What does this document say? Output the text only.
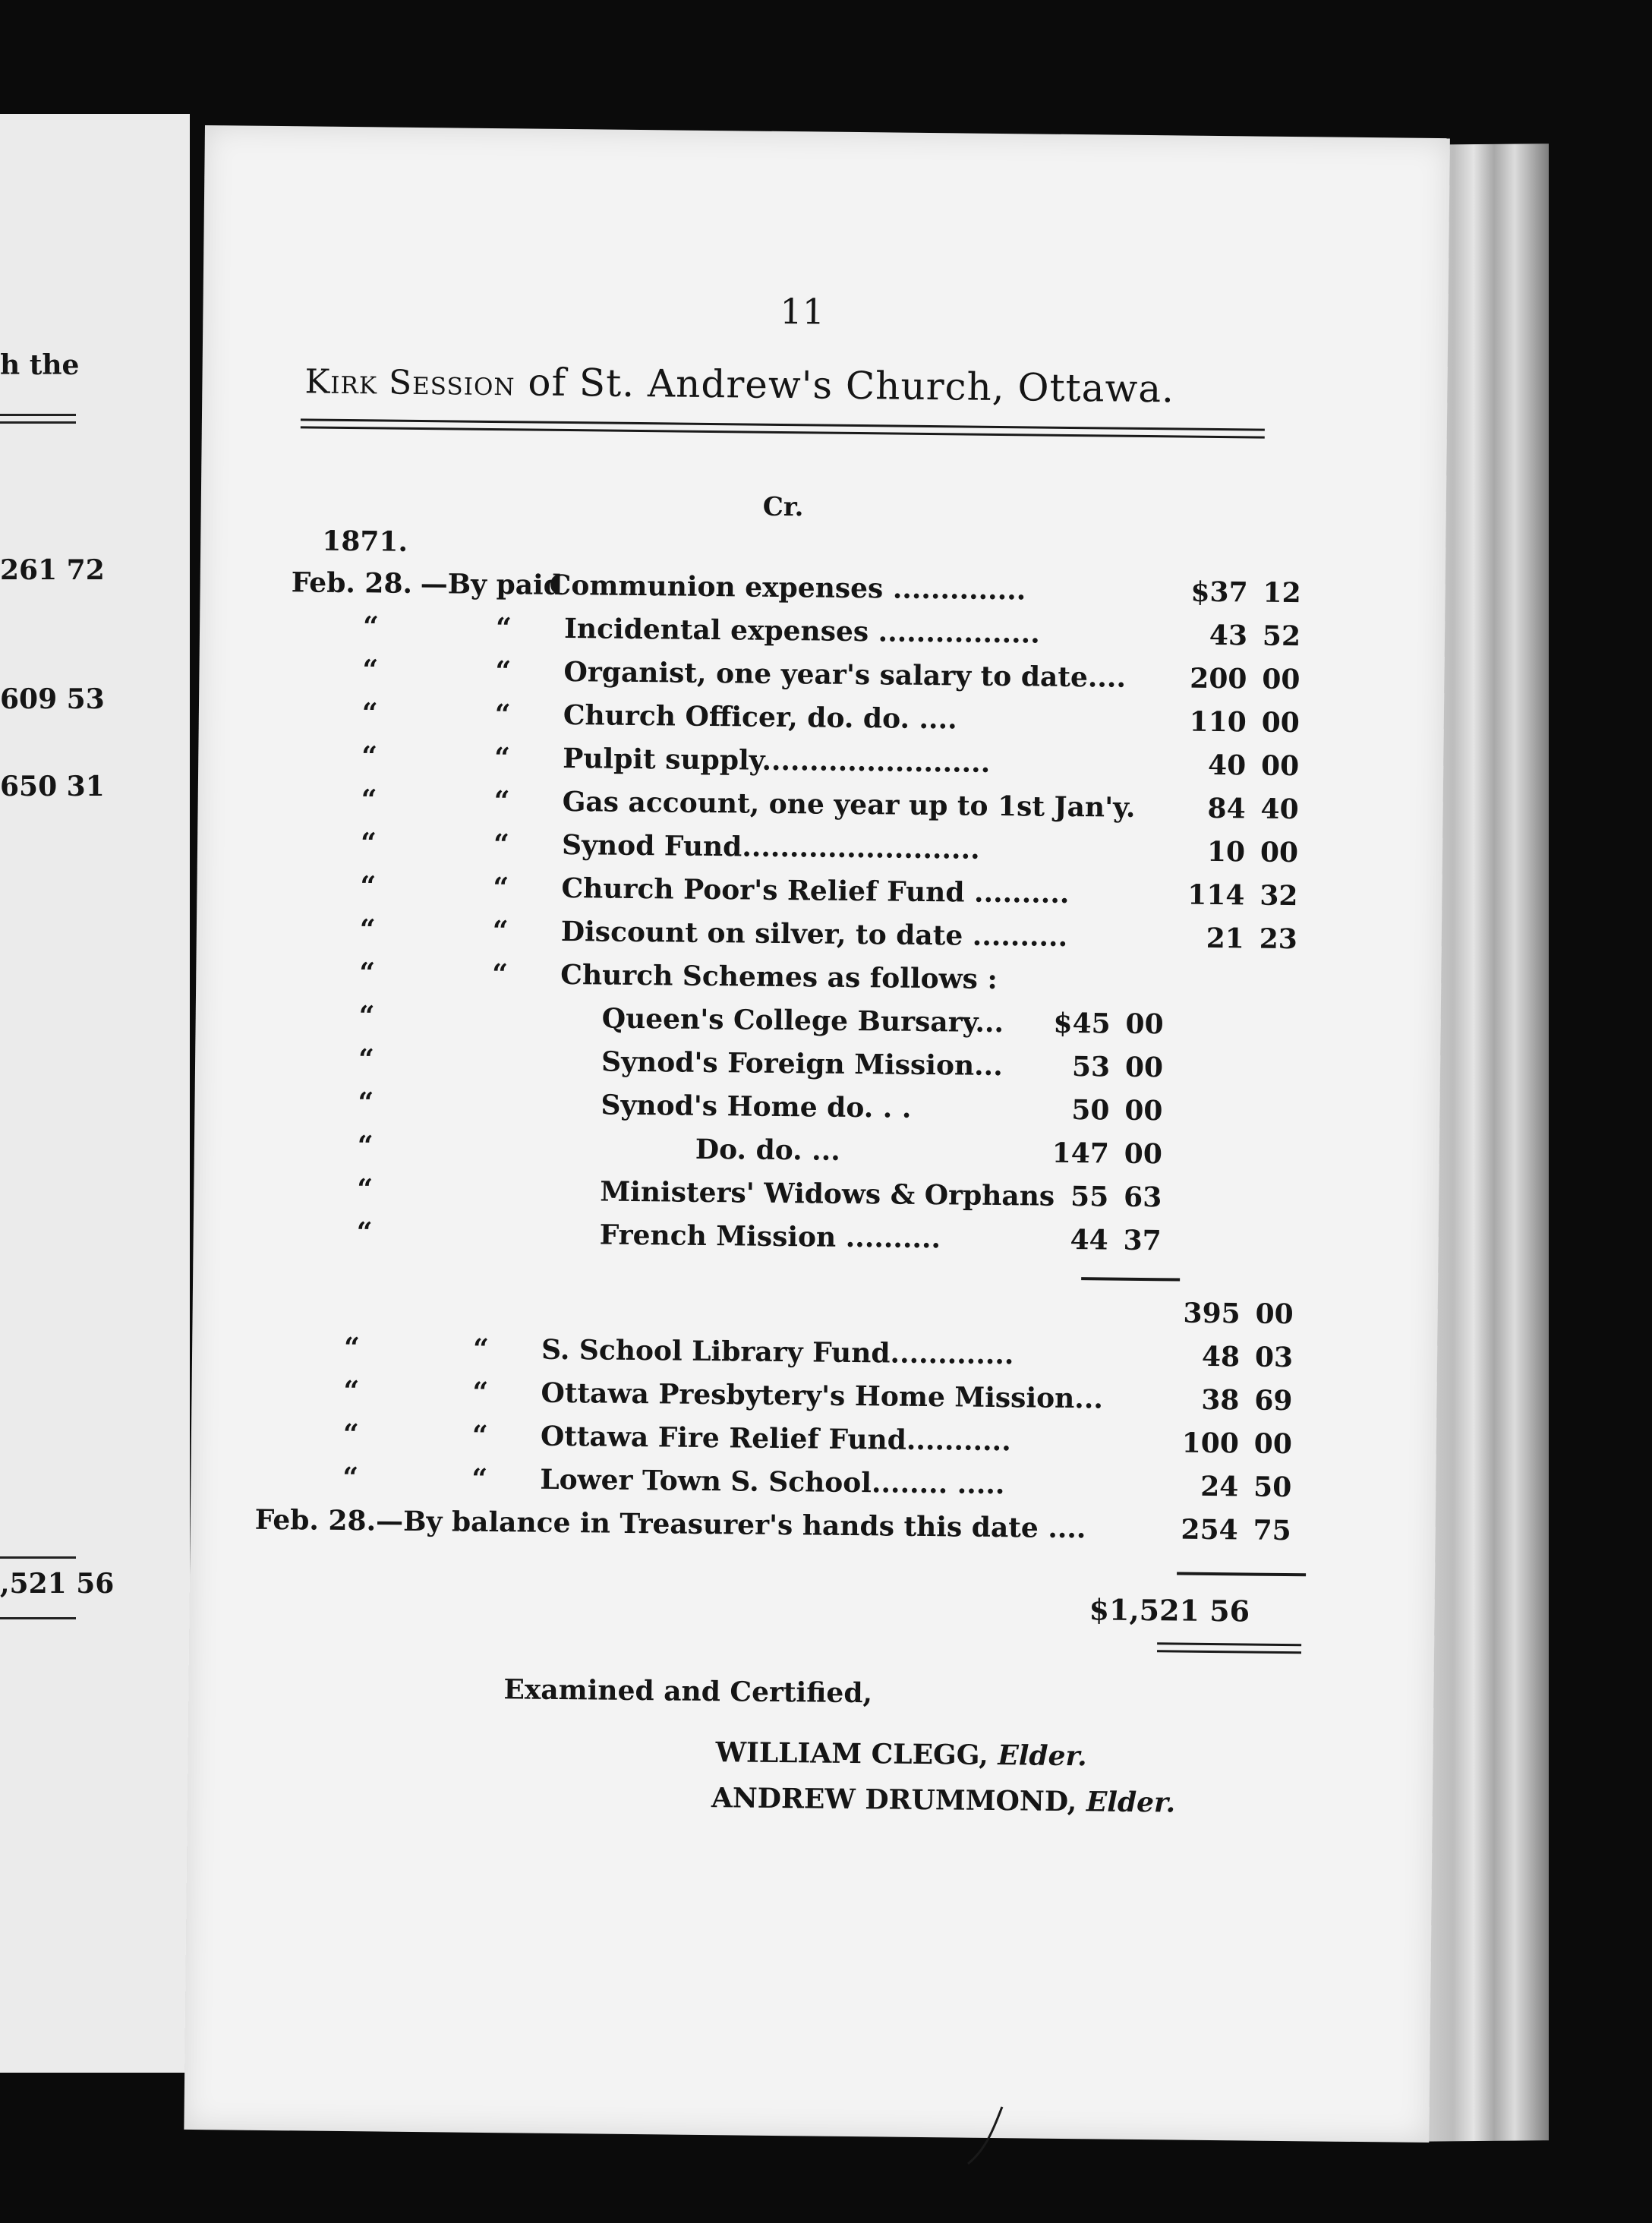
h the
261 72
609 53
650 31
,521 56
11
Kirk Session of St. Andrew's Church, Ottawa.
Cr.
1871.
Feb. 28. —By paid
Communion expenses ..............	$37 12
“	“ Incidental expenses .................	43 52
“	“ Organist, one year's salary to date....	200 00
“	“ Church Officer, do. do. ....	110 00
“	“ Pulpit supply........................	40 00
“	“ Gas account, one year up to 1st Jan'y.	84 40
“	“ Synod Fund.........................	10 00
“	“ Church Poor's Relief Fund ..........	114 32
“	“ Discount on silver, to date ..........	21 23
“	“ Church Schemes as follows :
“	Queen's College Bursary...	$45 00
“	Synod's Foreign Mission...	53 00
“	Synod's Home do. . .	50 00
“	Do. do. ...	147 00
“	Ministers' Widows & Orphans 55 63
“	French Mission ..........	44 37
395 00
“	“ S. School Library Fund.............	48 03
“	“ Ottawa Presbytery's Home Mission...	38 69
“	“ Ottawa Fire Relief Fund...........	100 00
“	“ Lower Town S. School........ .....	24 50
Feb. 28.—By balance in Treasurer's hands this date ....	254 75
$1,521 56
Examined and Certified,
WILLIAM CLEGG, Elder.
ANDREW DRUMMOND, Elder.
